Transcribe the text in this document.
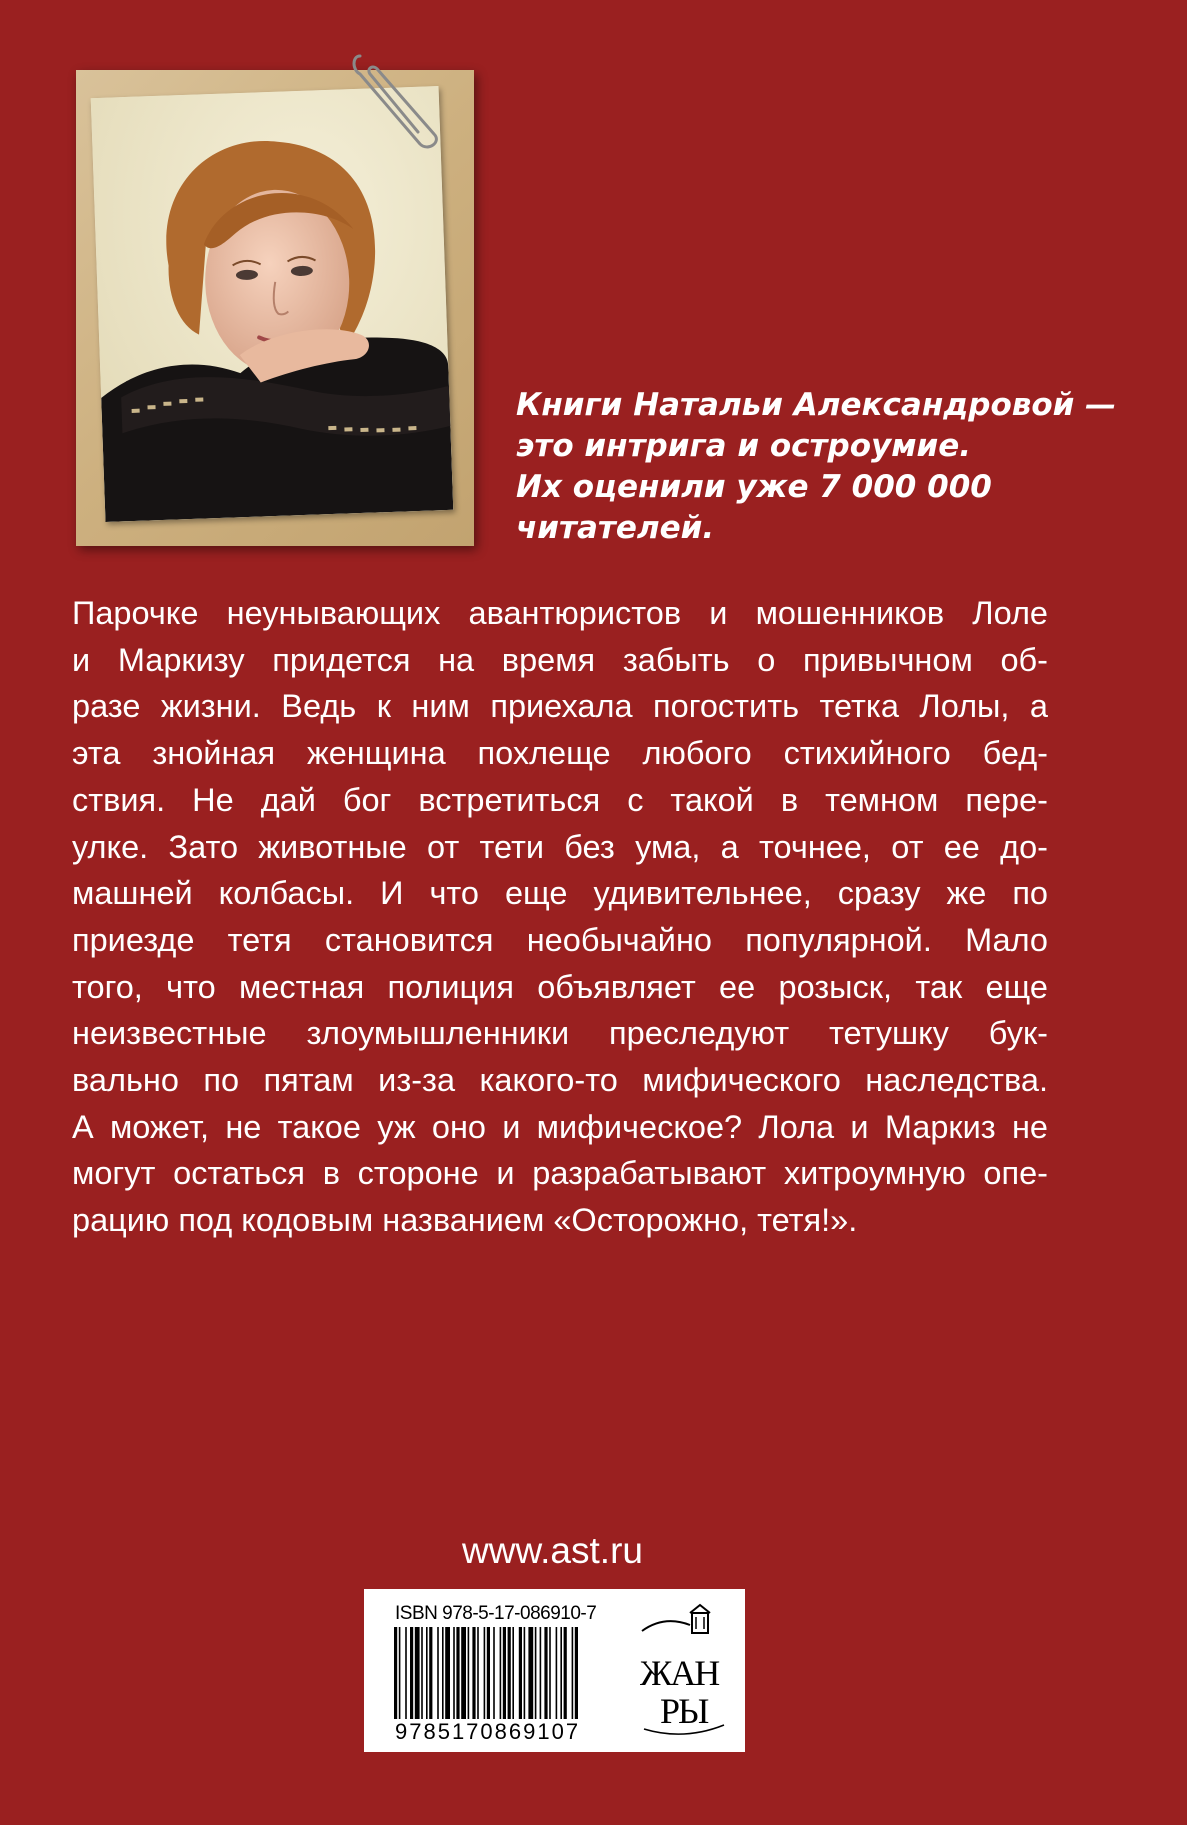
Книги Натальи Александровой —
это интрига и остроумие.
Их оценили уже 7 000 000
читателей.
Парочке неунывающих авантюристов и мошенников Лоле
и Маркизу придется на время забыть о привычном об-
разе жизни. Ведь к ним приехала погостить тетка Лолы, а
эта знойная женщина похлеще любого стихийного бед-
ствия. Не дай бог встретиться с такой в темном пере-
улке. Зато животные от тети без ума, а точнее, от ее до-
машней колбасы. И что еще удивительнее, сразу же по
приезде тетя становится необычайно популярной. Мало
того, что местная полиция объявляет ее розыск, так еще
неизвестные злоумышленники преследуют тетушку бук-
вально по пятам из-за какого-то мифического наследства.
А может, не такое уж оно и мифическое? Лола и Маркиз не
могут остаться в стороне и разрабатывают хитроумную опе-
рацию под кодовым названием «Осторожно, тетя!».
www.ast.ru
ISBN 978-5-17-086910-7
9785170869107
ЖАН
РЫ
